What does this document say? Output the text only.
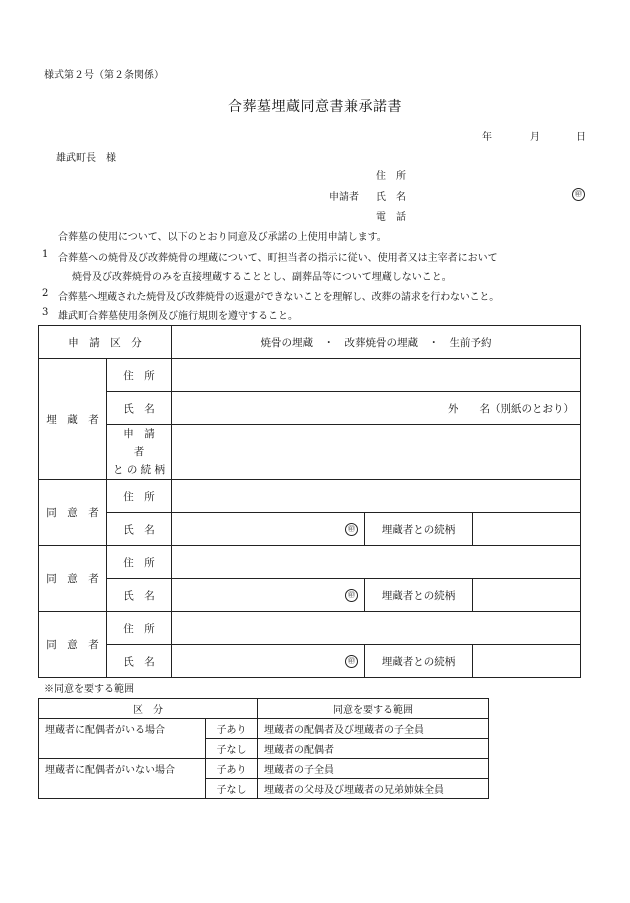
様式第２号（第２条関係）
合葬墓埋蔵同意書兼承諾書
年	月	日
雄武町長　様
住　所
申請者 氏　名	㊞
電　話
合葬墓の使用について、以下のとおり同意及び承諾の上使用申請します。
1 合葬墓への焼骨及び改葬焼骨の埋蔵について、町担当者の指示に従い、使用者又は主宰者において
焼骨及び改葬焼骨のみを直接埋蔵することとし、副葬品等について埋蔵しないこと。
2 合葬墓へ埋蔵された焼骨及び改葬焼骨の返還ができないことを理解し、改葬の請求を行わないこと。
3 雄武町合葬墓使用条例及び施行規則を遵守すること。
申　請　区　分		焼骨の埋蔵　・　改葬焼骨の埋蔵　・　生前予約		
埋　蔵　者	住　所			
	氏　名	外　　名（別紙のとおり）		
	申　請　者
と の 続 柄			
同　意　者	住　所			
	氏　名	㊞	埋蔵者との続柄	
同　意　者	住　所			
	氏　名	㊞	埋蔵者との続柄	
同　意　者	住　所			
	氏　名	㊞	埋蔵者との続柄	
※同意を要する範囲
区　分		同意を要する範囲
埋蔵者に配偶者がいる場合	子あり	埋蔵者の配偶者及び埋蔵者の子全員
	子なし	埋蔵者の配偶者
埋蔵者に配偶者がいない場合	子あり	埋蔵者の子全員
	子なし	埋蔵者の父母及び埋蔵者の兄弟姉妹全員
